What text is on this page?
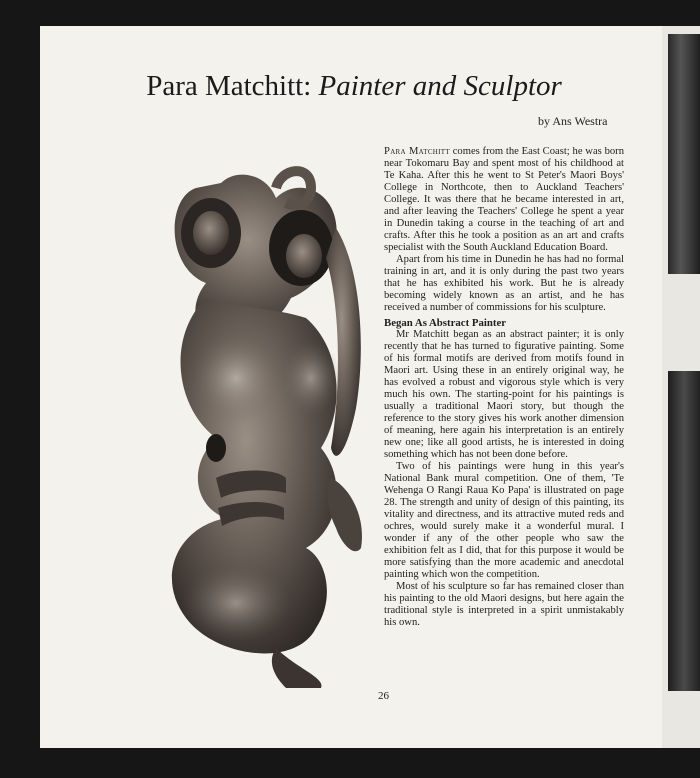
Para Matchitt: Painter and Sculptor
by Ans Westra

Para Matchitt comes from the East Coast; he was born near Tokomaru Bay and spent most of his childhood at Te Kaha. After this he went to St Peter's Maori Boys' College in Northcote, then to Auckland Teachers' College. It was there that he became interested in art, and after leaving the Teachers' College he spent a year in Dunedin taking a course in the teaching of art and crafts. After this he took a position as an art and crafts specialist with the South Auckland Education Board.

Apart from his time in Dunedin he has had no formal training in art, and it is only during the past two years that he has exhibited his work. But he is already becoming widely known as an artist, and he has received a number of commissions for his sculpture.

Began As Abstract Painter

Mr Matchitt began as an abstract painter; it is only recently that he has turned to figurative painting. Some of his formal motifs are derived from motifs found in Maori art. Using these in an entirely original way, he has evolved a robust and vigorous style which is very much his own. The starting-point for his paintings is usually a traditional Maori story, but though the reference to the story gives his work another dimension of meaning, here again his interpretation is an entirely new one; like all good artists, he is interested in doing something which has not been done before.

Two of his paintings were hung in this year's National Bank mural competition. One of them, 'Te Wehenga O Rangi Raua Ko Papa' is illustrated on page 28. The strength and unity of design of this painting, its vitality and directness, and its attractive muted reds and ochres, would surely make it a wonderful mural. I wonder if any of the other people who saw the exhibition felt as I did, that for this purpose it would be more satisfying than the more academic and anecdotal painting which won the competition.

Most of his sculpture so far has remained closer than his painting to the old Maori designs, but here again the traditional style is interpreted in a spirit unmistakably his own.

26
